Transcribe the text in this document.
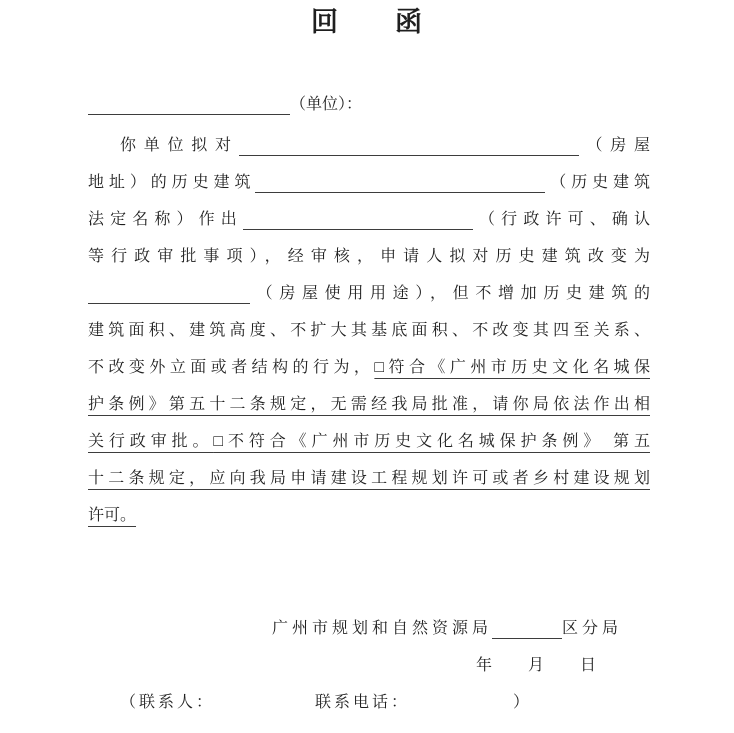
回　　函
（单位）：
你单位拟对	（房屋
地址）的历史建筑	（历史建筑
法定名称）作出	（行政许可、确认
等行政审批事项），经审核，申请人拟对历史建筑改变为
（房屋使用用途），但不增加历史建筑的
建筑面积、建筑高度、不扩大其基底面积、不改变其四至关系、
不改变外立面或者结构的行为，□符合《广州市历史文化名城保
护条例》第五十二条规定，无需经我局批准，请你局依法作出相
关行政审批。□不符合《广州市历史文化名城保护条例》 第五
十二条规定，应向我局申请建设工程规划许可或者乡村建设规划
许可。
广州市规划和自然资源局	区分局
年 月 日
（联系人：	联系电话：	）
